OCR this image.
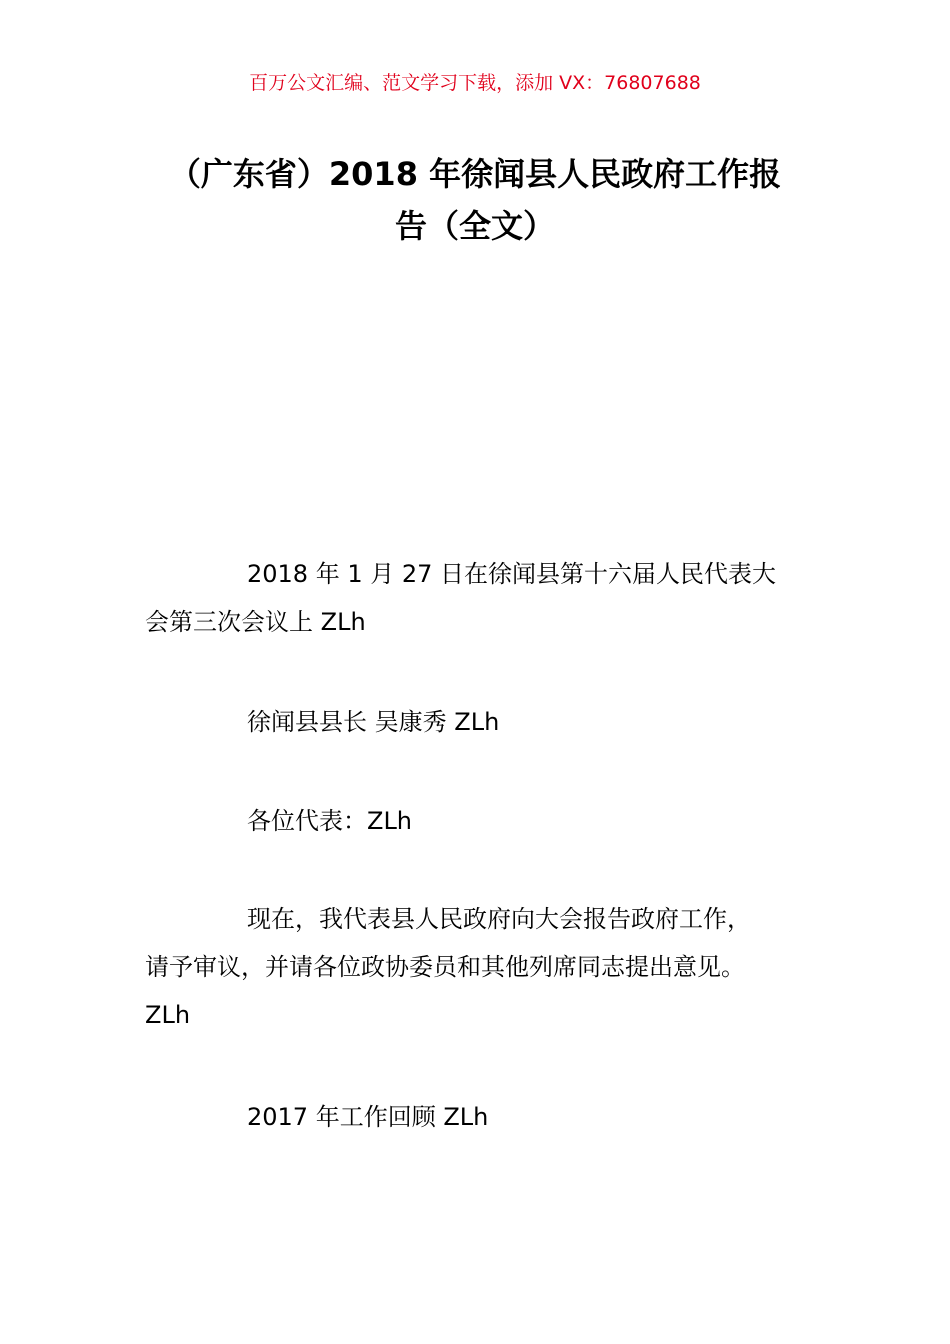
百万公文汇编、范文学习下载，添加 VX：76807688
（广东省）2018 年徐闻县人民政府工作报
告（全文）
2018 年 1 月 27 日在徐闻县第十六届人民代表大
会第三次会议上 ZLh
徐闻县县长 吴康秀 ZLh
各位代表：ZLh
现在，我代表县人民政府向大会报告政府工作，
请予审议，并请各位政协委员和其他列席同志提出意见。
ZLh
2017 年工作回顾 ZLh
